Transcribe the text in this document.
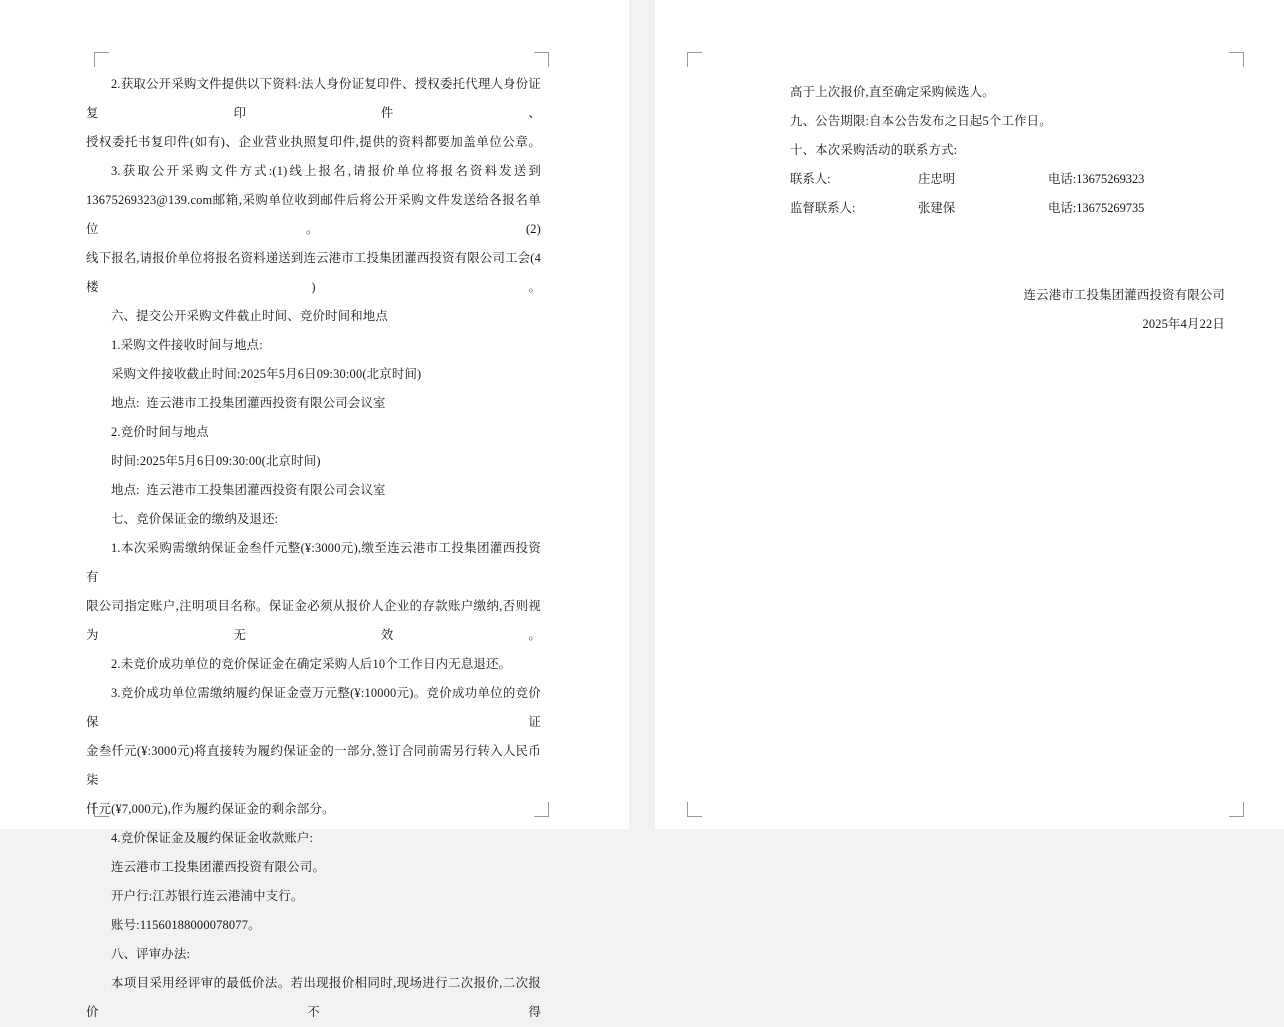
2.获取公开采购文件提供以下资料:法人身份证复印件、授权委托代理人身份证复印件、

授权委托书复印件(如有)、企业营业执照复印件,提供的资料都要加盖单位公章。

3.获取公开采购文件方式:(1)线上报名,请报价单位将报名资料发送到

13675269323@139.com邮箱,采购单位收到邮件后将公开采购文件发送给各报名单位。(2)

线下报名,请报价单位将报名资料递送到连云港市工投集团灌西投资有限公司工会(4楼)。

六、提交公开采购文件截止时间、竞价时间和地点

1.采购文件接收时间与地点:

采购文件接收截止时间:2025年5月6日09:30:00(北京时间)

地点:  连云港市工投集团灌西投资有限公司会议室

2.竞价时间与地点

时间:2025年5月6日09:30:00(北京时间)

地点:  连云港市工投集团灌西投资有限公司会议室

七、竞价保证金的缴纳及退还:

1.本次采购需缴纳保证金叁仟元整(¥:3000元),缴至连云港市工投集团灌西投资有

限公司指定账户,注明项目名称。保证金必须从报价人企业的存款账户缴纳,否则视为无效。

2.未竞价成功单位的竞价保证金在确定采购人后10个工作日内无息退还。

3.竞价成功单位需缴纳履约保证金壹万元整(¥:10000元)。竞价成功单位的竞价保证

金叁仟元(¥:3000元)将直接转为履约保证金的一部分,签订合同前需另行转入人民币柒

仟元(¥7,000元),作为履约保证金的剩余部分。

4.竞价保证金及履约保证金收款账户:

连云港市工投集团灌西投资有限公司。

开户行:江苏银行连云港浦中支行。

账号:11560188000078077。

八、评审办法:

本项目采用经评审的最低价法。若出现报价相同时,现场进行二次报价,二次报价不得

高于上次报价,直至确定采购候选人。

九、公告期限:自本公告发布之日起5个工作日。

十、本次采购活动的联系方式:

联系人:	庄忠明	电话:13675269323
监督联系人:	张建保	电话:13675269735

连云港市工投集团灌西投资有限公司

2025年4月22日
